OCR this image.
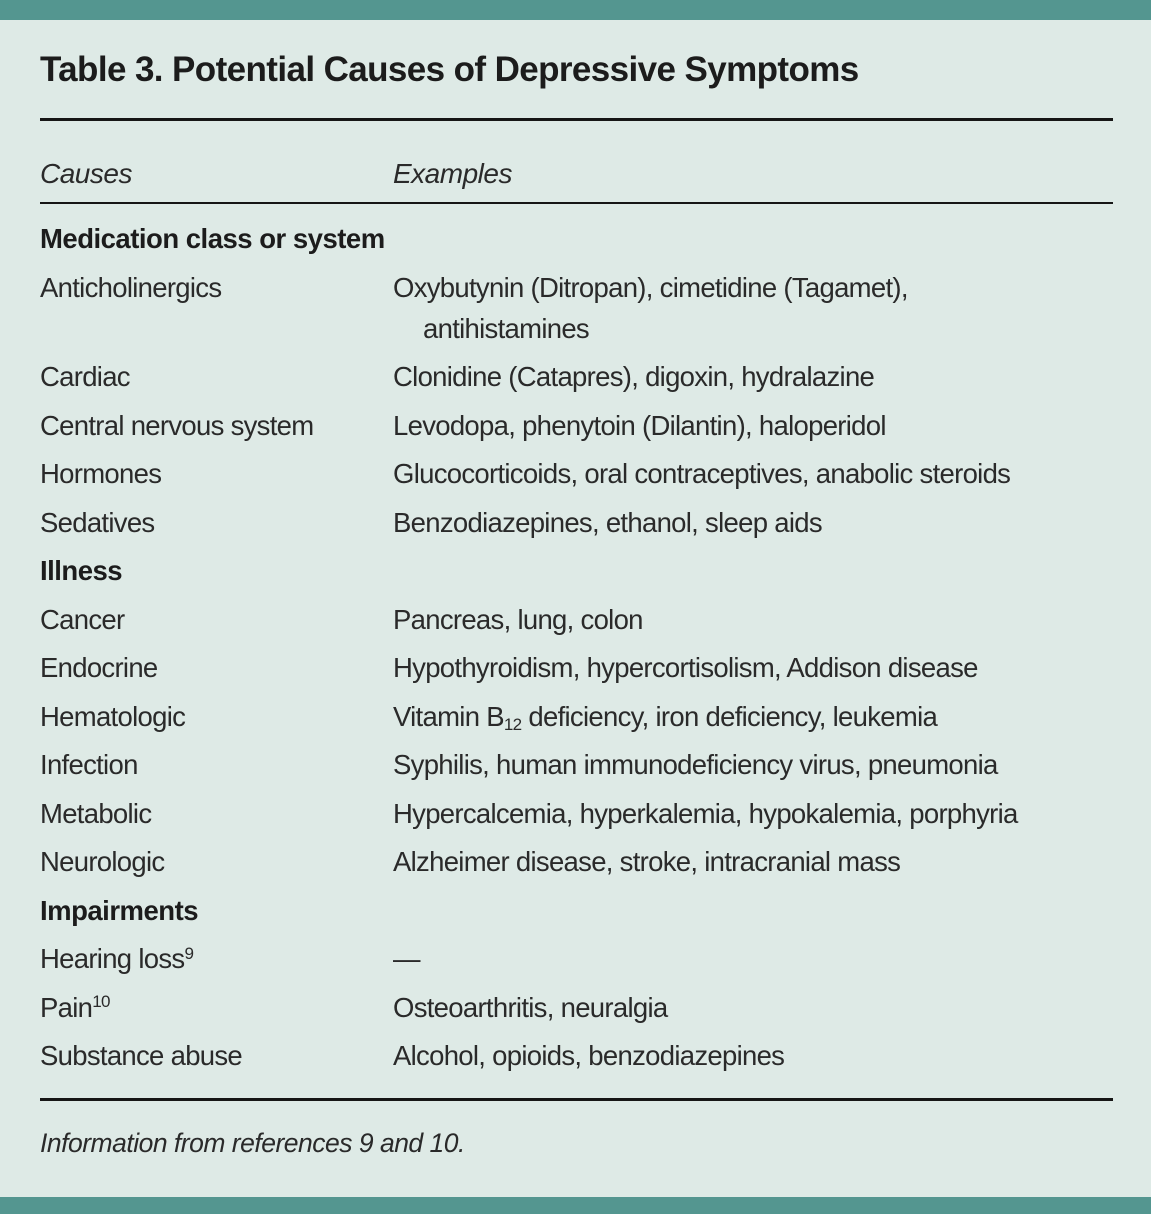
Table 3. Potential Causes of Depressive Symptoms
Causes	Examples
Medication class or system
Anticholinergics	Oxybutynin (Ditropan), cimetidine (Tagamet),
antihistamines
Cardiac	Clonidine (Catapres), digoxin, hydralazine
Central nervous system	Levodopa, phenytoin (Dilantin), haloperidol
Hormones	Glucocorticoids, oral contraceptives, anabolic steroids
Sedatives	Benzodiazepines, ethanol, sleep aids
Illness
Cancer	Pancreas, lung, colon
Endocrine	Hypothyroidism, hypercortisolism, Addison disease
Hematologic	Vitamin $B_{12}$ deficiency, iron deficiency, leukemia
Infection	Syphilis, human immunodeficiency virus, pneumonia
Metabolic	Hypercalcemia, hyperkalemia, hypokalemia, porphyria
Neurologic	Alzheimer disease, stroke, intracranial mass
Impairments
Hearing loss$^9$	—
Pain$^{10}$	Osteoarthritis, neuralgia
Substance abuse	Alcohol, opioids, benzodiazepines
Information from references 9 and 10.
